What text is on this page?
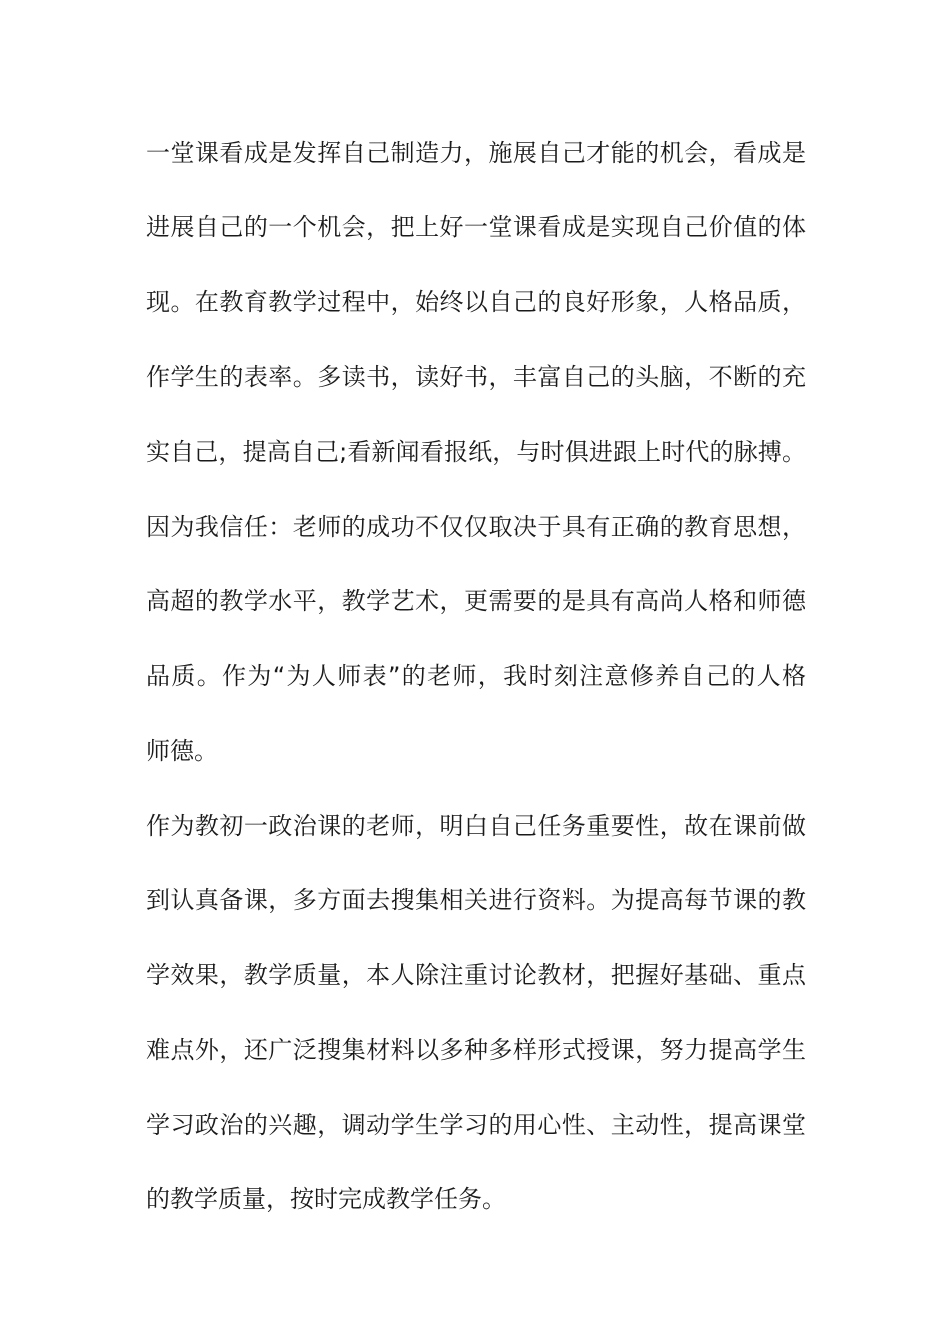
一堂课看成是发挥自己制造力，施展自己才能的机会，看成是
进展自己的一个机会，把上好一堂课看成是实现自己价值的体
现。在教育教学过程中，始终以自己的良好形象，人格品质，
作学生的表率。多读书，读好书，丰富自己的头脑，不断的充
实自己，提高自己;看新闻看报纸，与时俱进跟上时代的脉搏。
因为我信任：老师的成功不仅仅取决于具有正确的教育思想，
高超的教学水平，教学艺术，更需要的是具有高尚人格和师德
品质。作为“为人师表”的老师，我时刻注意修养自己的人格
师德。
作为教初一政治课的老师，明白自己任务重要性，故在课前做
到认真备课，多方面去搜集相关进行资料。为提高每节课的教
学效果，教学质量，本人除注重讨论教材，把握好基础、重点
难点外，还广泛搜集材料以多种多样形式授课，努力提高学生
学习政治的兴趣，调动学生学习的用心性、主动性，提高课堂
的教学质量，按时完成教学任务。
